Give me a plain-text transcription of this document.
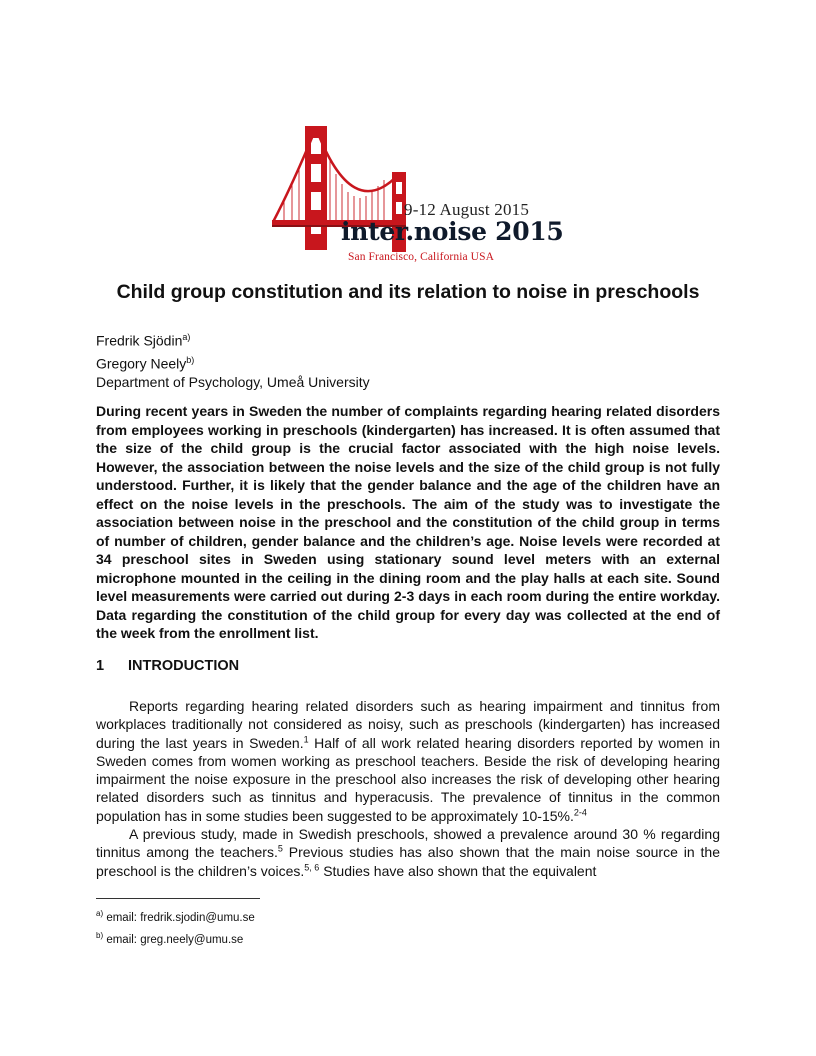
9-12 August 2015
inter.noise 2015
San Francisco, California USA
Child group constitution and its relation to noise in preschools
Fredrik Sjödin$^{a)}$
Gregory Neely$^{b)}$
Department of Psychology, Umeå University
During recent years in Sweden the number of complaints regarding hearing related disorders from employees working in preschools (kindergarten) has increased. It is often assumed that the size of the child group is the crucial factor associated with the high noise levels. However, the association between the noise levels and the size of the child group is not fully understood. Further, it is likely that the gender balance and the age of the children have an effect on the noise levels in the preschools. The aim of the study was to investigate the association between noise in the preschool and the constitution of the child group in terms of number of children, gender balance and the children’s age. Noise levels were recorded at 34 preschool sites in Sweden using stationary sound level meters with an external microphone mounted in the ceiling in the dining room and the play halls at each site. Sound level measurements were carried out during 2-3 days in each room during the entire workday. Data regarding the constitution of the child group for every day was collected at the end of the week from the enrollment list.
1 INTRODUCTION

Reports regarding hearing related disorders such as hearing impairment and tinnitus from workplaces traditionally not considered as noisy, such as preschools (kindergarten) has increased during the last years in Sweden.$^1$ Half of all work related hearing disorders reported by women in Sweden comes from women working as preschool teachers. Beside the risk of developing hearing impairment the noise exposure in the preschool also increases the risk of developing other hearing related disorders such as tinnitus and hyperacusis. The prevalence of tinnitus in the common population has in some studies been suggested to be approximately 10-15%.$^{2-4}$

A previous study, made in Swedish preschools, showed a prevalence around 30 % regarding tinnitus among the teachers.$^5$ Previous studies has also shown that the main noise source in the preschool is the children’s voices.$^{5, 6}$ Studies have also shown that the equivalent

$^{a)}$ email: fredrik.sjodin@umu.se
$^{b)}$ email: greg.neely@umu.se
